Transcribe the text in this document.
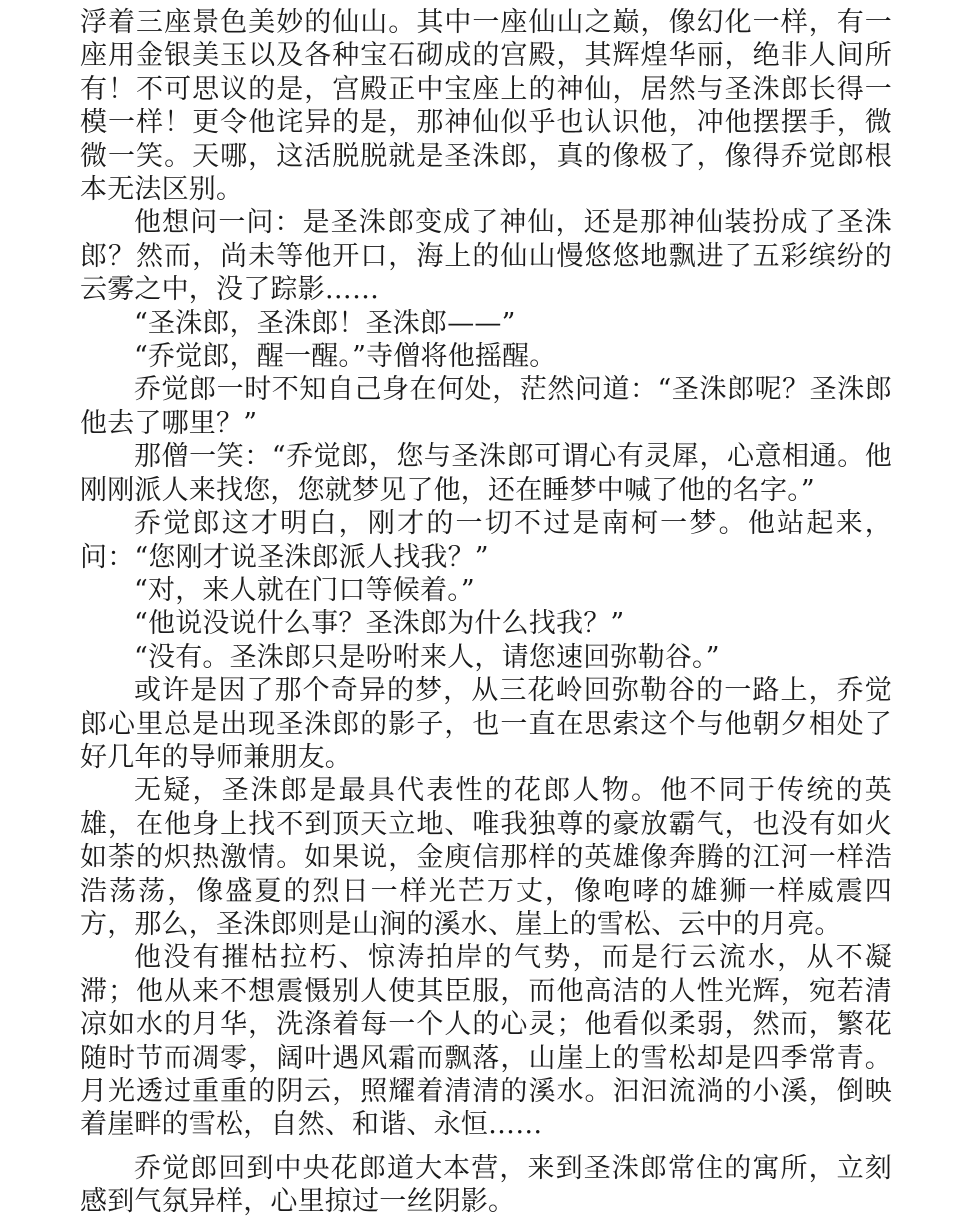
浮着三座景色美妙的仙山。其中一座仙山之巅，像幻化一样，有一座用金银美玉以及各种宝石砌成的宫殿，其辉煌华丽，绝非人间所有！不可思议的是，宫殿正中宝座上的神仙，居然与圣洙郎长得一模一样！更令他诧异的是，那神仙似乎也认识他，冲他摆摆手，微微一笑。天哪，这活脱脱就是圣洙郎，真的像极了，像得乔觉郎根本无法区别。

他想问一问：是圣洙郎变成了神仙，还是那神仙装扮成了圣洙郎？然而，尚未等他开口，海上的仙山慢悠悠地飘进了五彩缤纷的云雾之中，没了踪影……

“圣洙郎，圣洙郎！圣洙郎——”

“乔觉郎，醒一醒。”寺僧将他摇醒。

乔觉郎一时不知自己身在何处，茫然问道：“圣洙郎呢？圣洙郎他去了哪里？”

那僧一笑：“乔觉郎，您与圣洙郎可谓心有灵犀，心意相通。他刚刚派人来找您，您就梦见了他，还在睡梦中喊了他的名字。”

乔觉郎这才明白，刚才的一切不过是南柯一梦。他站起来，问：“您刚才说圣洙郎派人找我？”

“对，来人就在门口等候着。”

“他说没说什么事？圣洙郎为什么找我？”

“没有。圣洙郎只是吩咐来人，请您速回弥勒谷。”

或许是因了那个奇异的梦，从三花岭回弥勒谷的一路上，乔觉郎心里总是出现圣洙郎的影子，也一直在思索这个与他朝夕相处了好几年的导师兼朋友。

无疑，圣洙郎是最具代表性的花郎人物。他不同于传统的英雄，在他身上找不到顶天立地、唯我独尊的豪放霸气，也没有如火如荼的炽热激情。如果说，金庾信那样的英雄像奔腾的江河一样浩浩荡荡，像盛夏的烈日一样光芒万丈，像咆哮的雄狮一样威震四方，那么，圣洙郎则是山涧的溪水、崖上的雪松、云中的月亮。

他没有摧枯拉朽、惊涛拍岸的气势，而是行云流水，从不凝滞；他从来不想震慑别人使其臣服，而他高洁的人性光辉，宛若清凉如水的月华，洗涤着每一个人的心灵；他看似柔弱，然而，繁花随时节而凋零，阔叶遇风霜而飘落，山崖上的雪松却是四季常青。月光透过重重的阴云，照耀着清清的溪水。汩汩流淌的小溪，倒映着崖畔的雪松，自然、和谐、永恒……

乔觉郎回到中央花郎道大本营，来到圣洙郎常住的寓所，立刻感到气氛异样，心里掠过一丝阴影。
